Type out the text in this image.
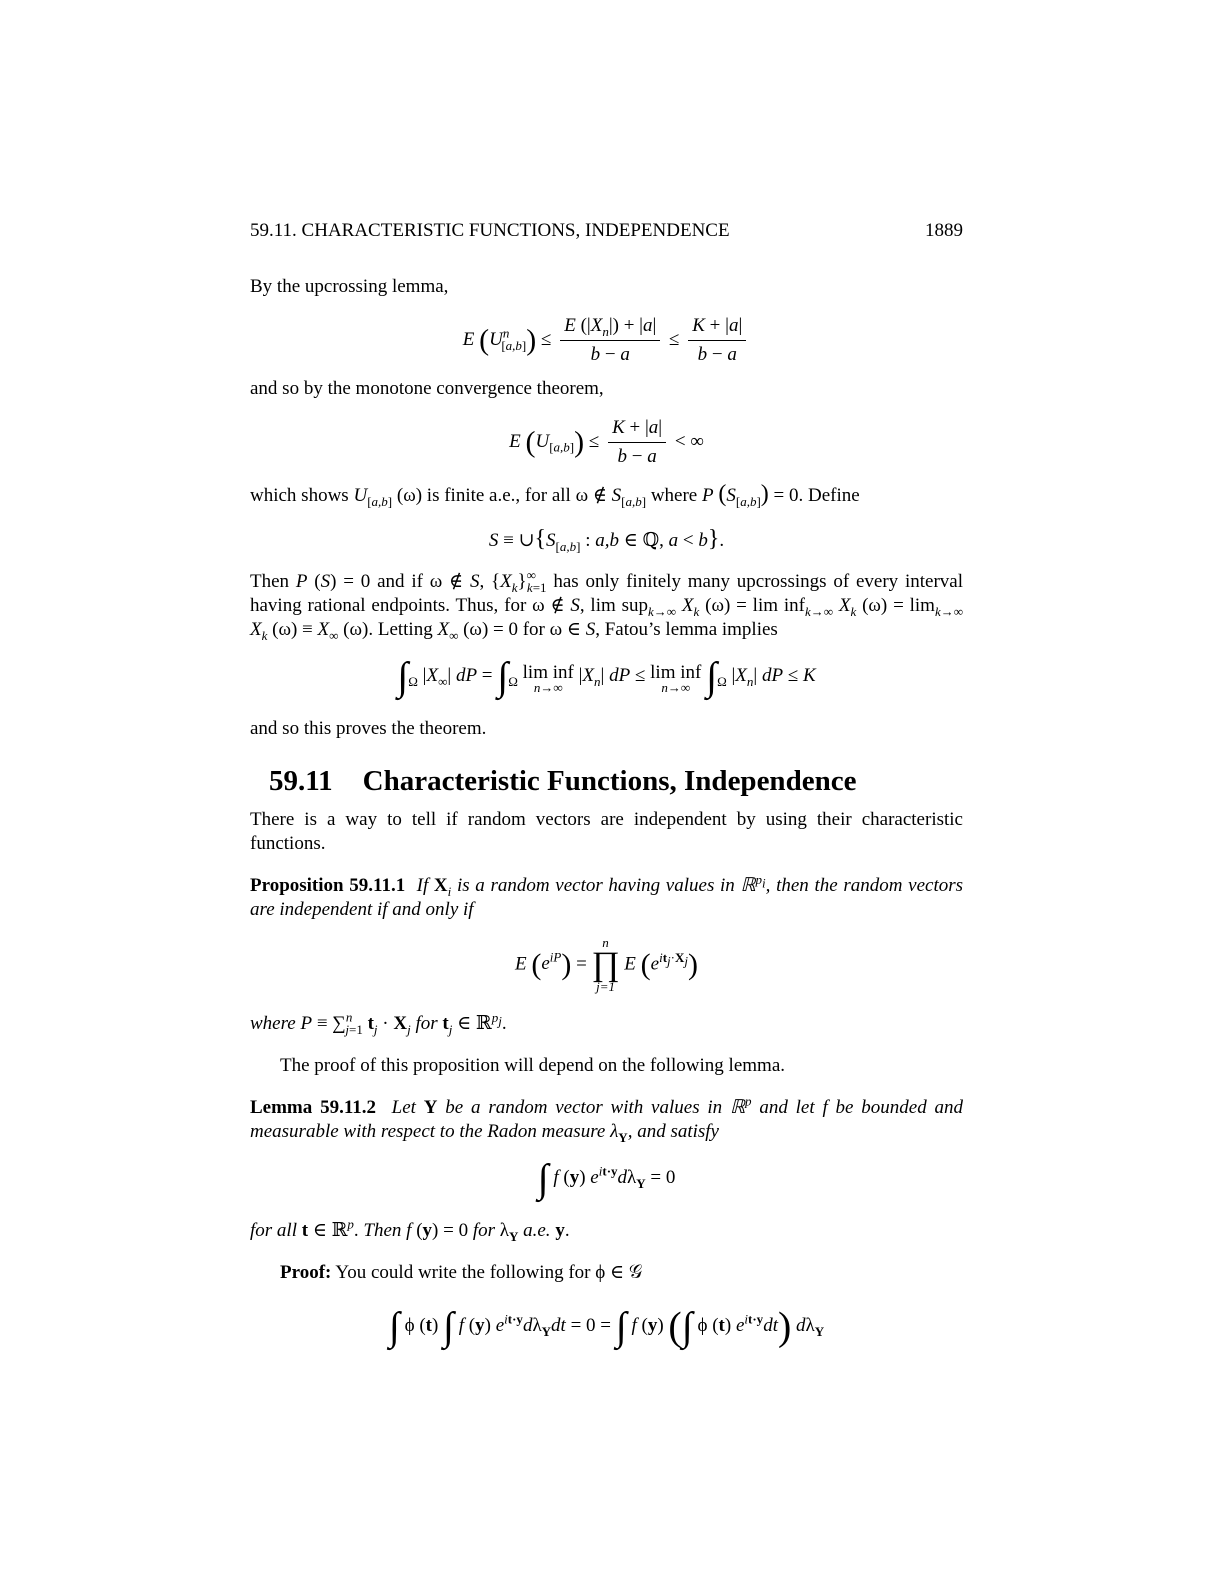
59.11. CHARACTERISTIC FUNCTIONS, INDEPENDENCE	1889
By the upcrossing lemma,
E $(U^n_{[a,b]}) \le \frac{E (|X_n|) + |a|}{b - a} \le \frac{K + |a|}{b - a}$
and so by the monotone convergence theorem,
E $(U_{[a,b]}) \le \frac{K + |a|}{b - a}$ < ∞
which shows $U_{[a,b]}$ (ω) is finite a.e., for all ω ∉ $S_{[a,b]}$ where P $(S_{[a,b]}) = 0$. Define
$S \equiv \cup\{S_{[a,b]}$ : a,b ∈ ℚ, a < b}.
Then P (S) = 0 and if ω ∉ S, $\{X_k\}^\infty_{k=1}$ has only finitely many upcrossings of every interval having rational endpoints. Thus, for ω ∉ S, lim sup$_{k\to\infty}$ $X_k$ (ω) = lim inf$_{k\to\infty}$ $X_k$ $(\omega) = \lim_{k\to\infty} X_k$ $(\omega) \equiv X_\infty$ (ω). Letting $X_\infty$ (ω) = 0 for ω ∈ S, Fatou’s lemma implies
$\int_\Omega$ $|X_\infty|$ dP = $\int_\Omega$ lim inf
n→∞
$|X_n|$ dP ≤ lim inf
n→∞ $\int_\Omega$ $|X_n|$ dP ≤ K
and so this proves the theorem.
59.11 Characteristic Functions, Independence
There is a way to tell if random vectors are independent by using their characteristic functions.
Proposition 59.11.1  If $X_i$ is a random vector having values in ℝ$^{p_i}$, then the random vectors are independent if and only if
E $(e^{iP})$ =
n
∏
j=1
E $(e^{it_j\cdot X_j})$
where P ≡ ∑$^n_{j=1}$ $t_j \cdot X_j$ for $t_j$ ∈ ℝ$^{p_j}$.
The proof of this proposition will depend on the following lemma.
Lemma 59.11.2  Let Y be a random vector with values in ℝ$^p$ and let f be bounded and measurable with respect to the Radon measure $\lambda_Y$, and satisfy
∫ f (y) $e^{it\cdot y}d\lambda_Y = 0$
for all t ∈ ℝ$^p$. Then f (y) = 0 for $\lambda_Y$ a.e. y.
Proof: You could write the following for ϕ ∈ 𝒢
∫ ϕ (t) ∫ f (y) $e^{it\cdot y}d\lambda_Ydt = 0$ = ∫ f (y) (∫ ϕ (t) $e^{it\cdot y}dt$) $d\lambda_Y$
